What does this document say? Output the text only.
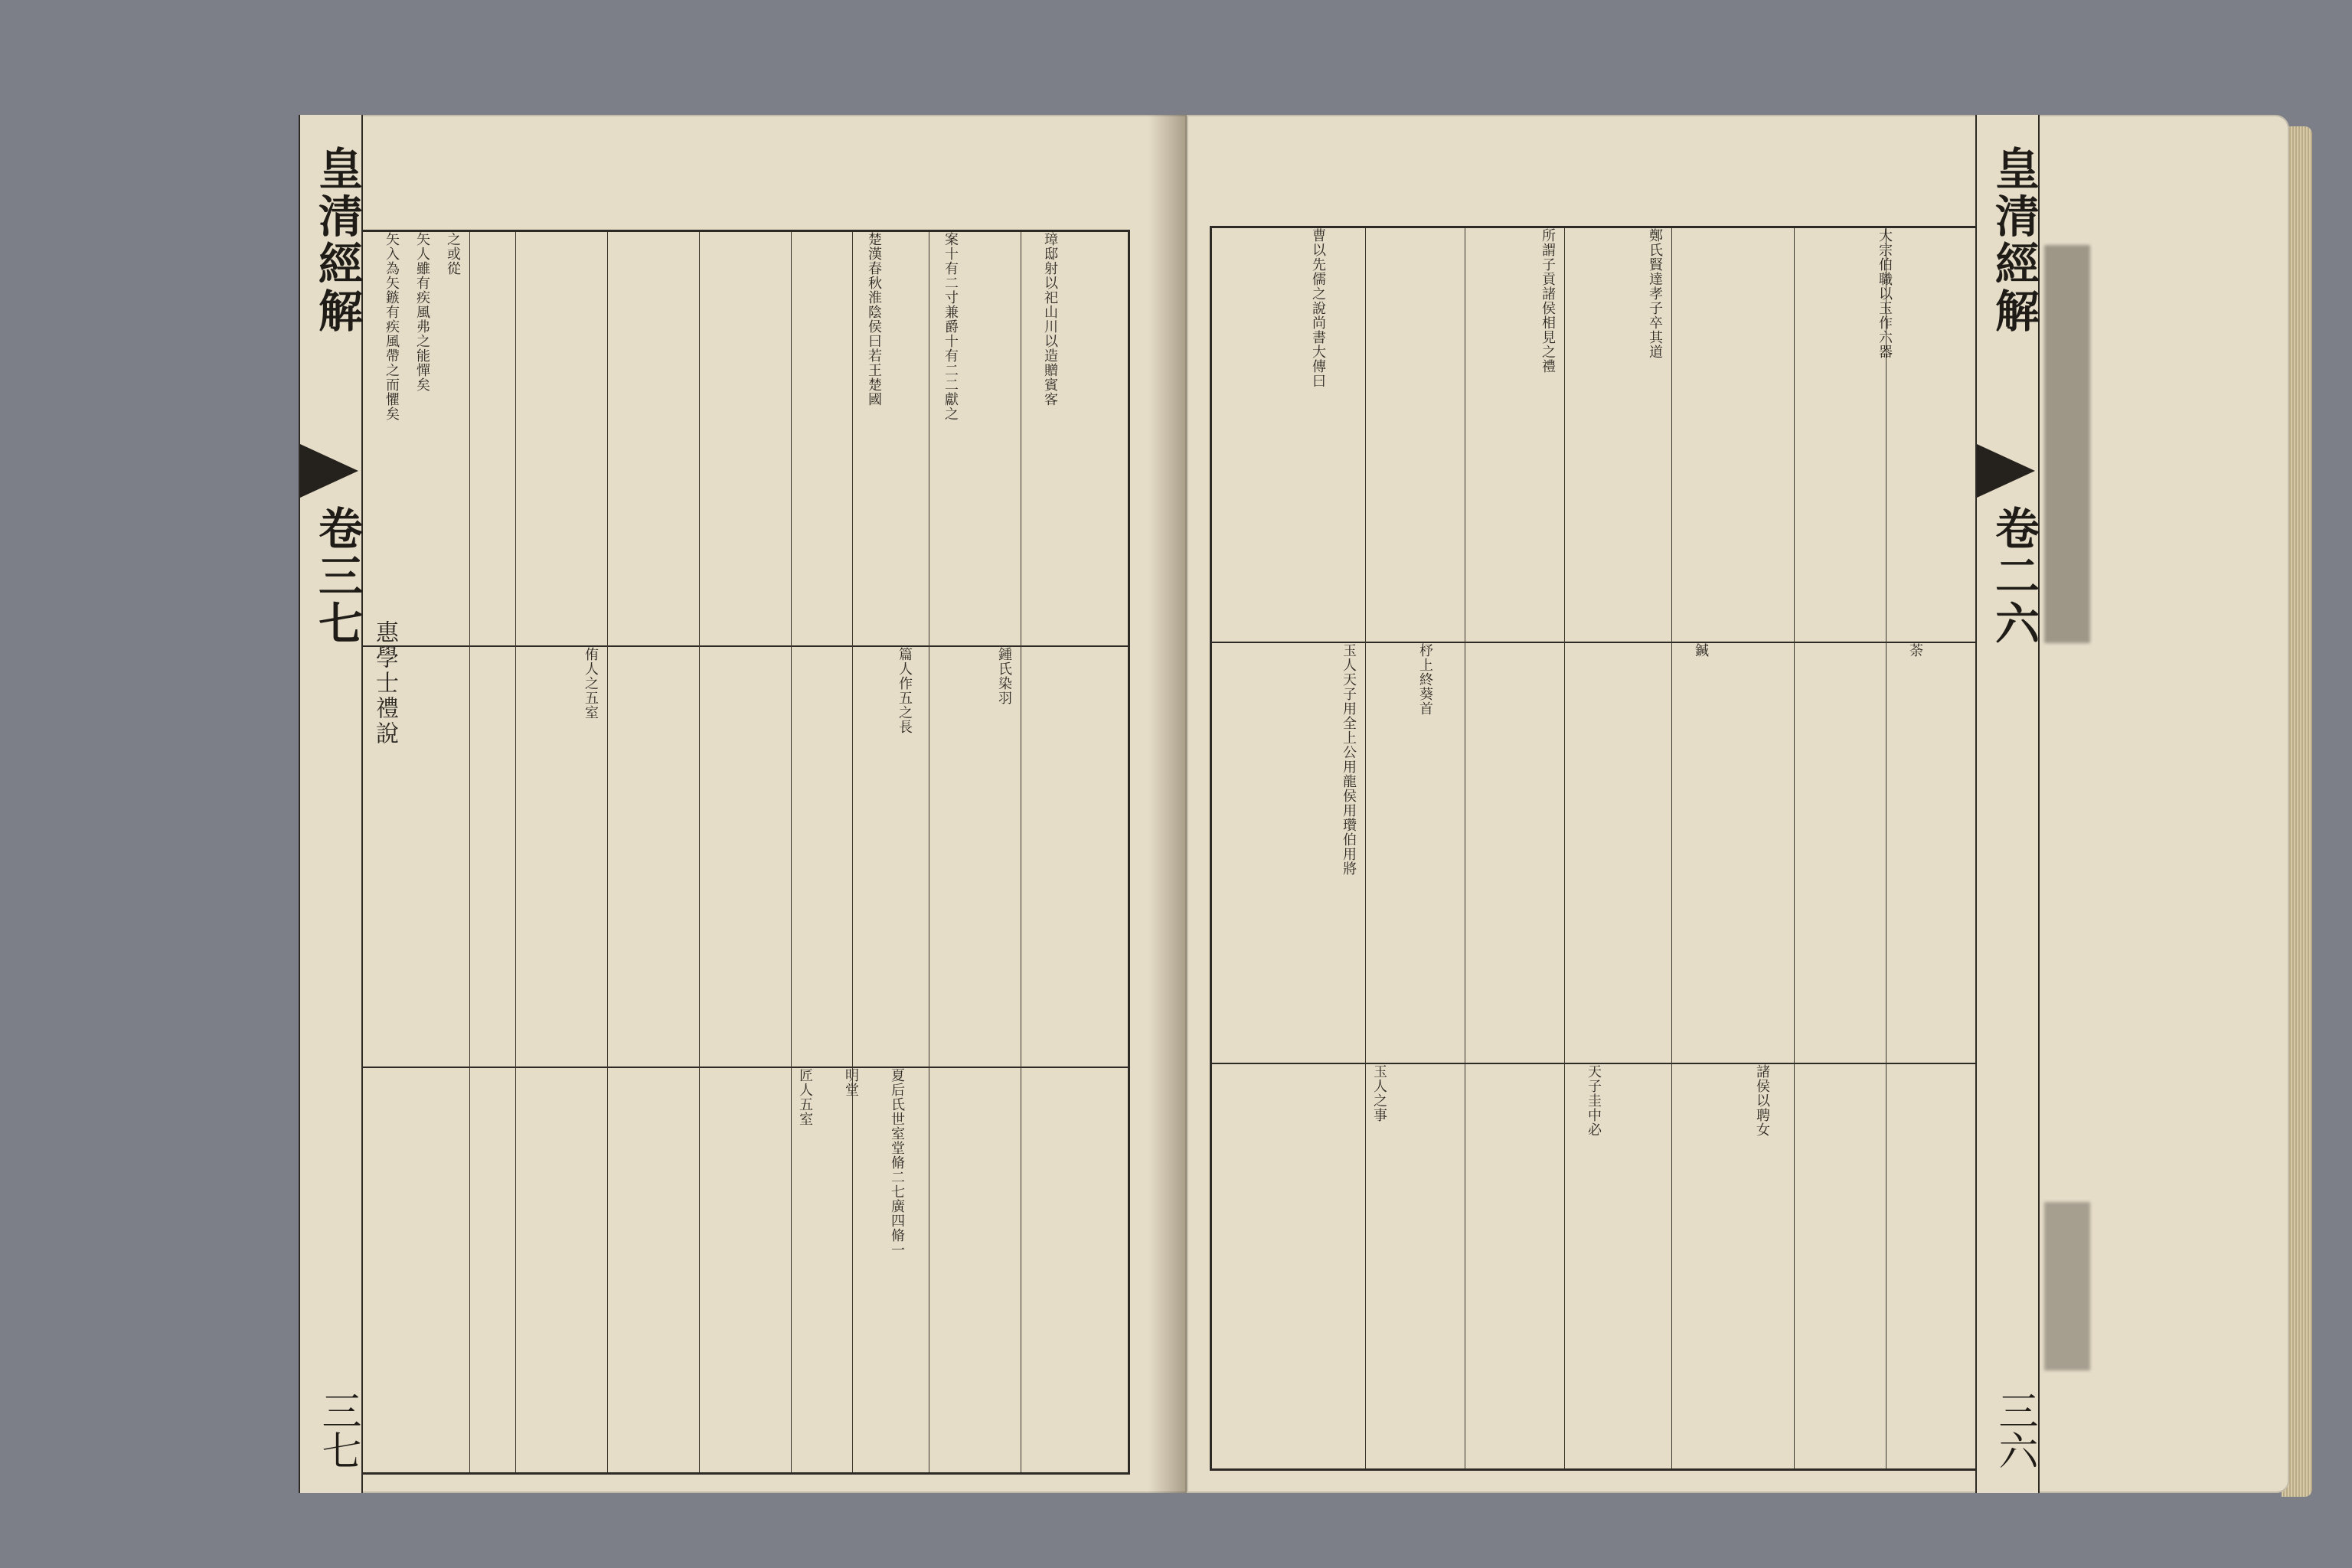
矢入為矢鏃有疾風帶之而懼矣	矢人雖有疾風弗之能憚矣	之或從	楚漢春秋淮陰侯曰若王楚國	案十有二寸兼爵十有二二獻之	璋邸射以祀山川以造贈賓客
侑人之五室	篇人作五之長	鍾氏染羽
匠人五室	明堂	夏后氏世室堂脩二七廣四脩一
皇清經解
卷三七
三七
惠學士禮說
曹以先儒之說尚書大傳曰	所謂子貢諸侯相見之禮	鄭氏賢達孝子卒其道	大宗伯職以玉作六器
玉人天子用全上公用龍侯用瓚伯用將	杼上終葵首	鍼	荼
玉人之事	天子圭中必	諸侯以聘女
皇清經解
卷二六
三六
